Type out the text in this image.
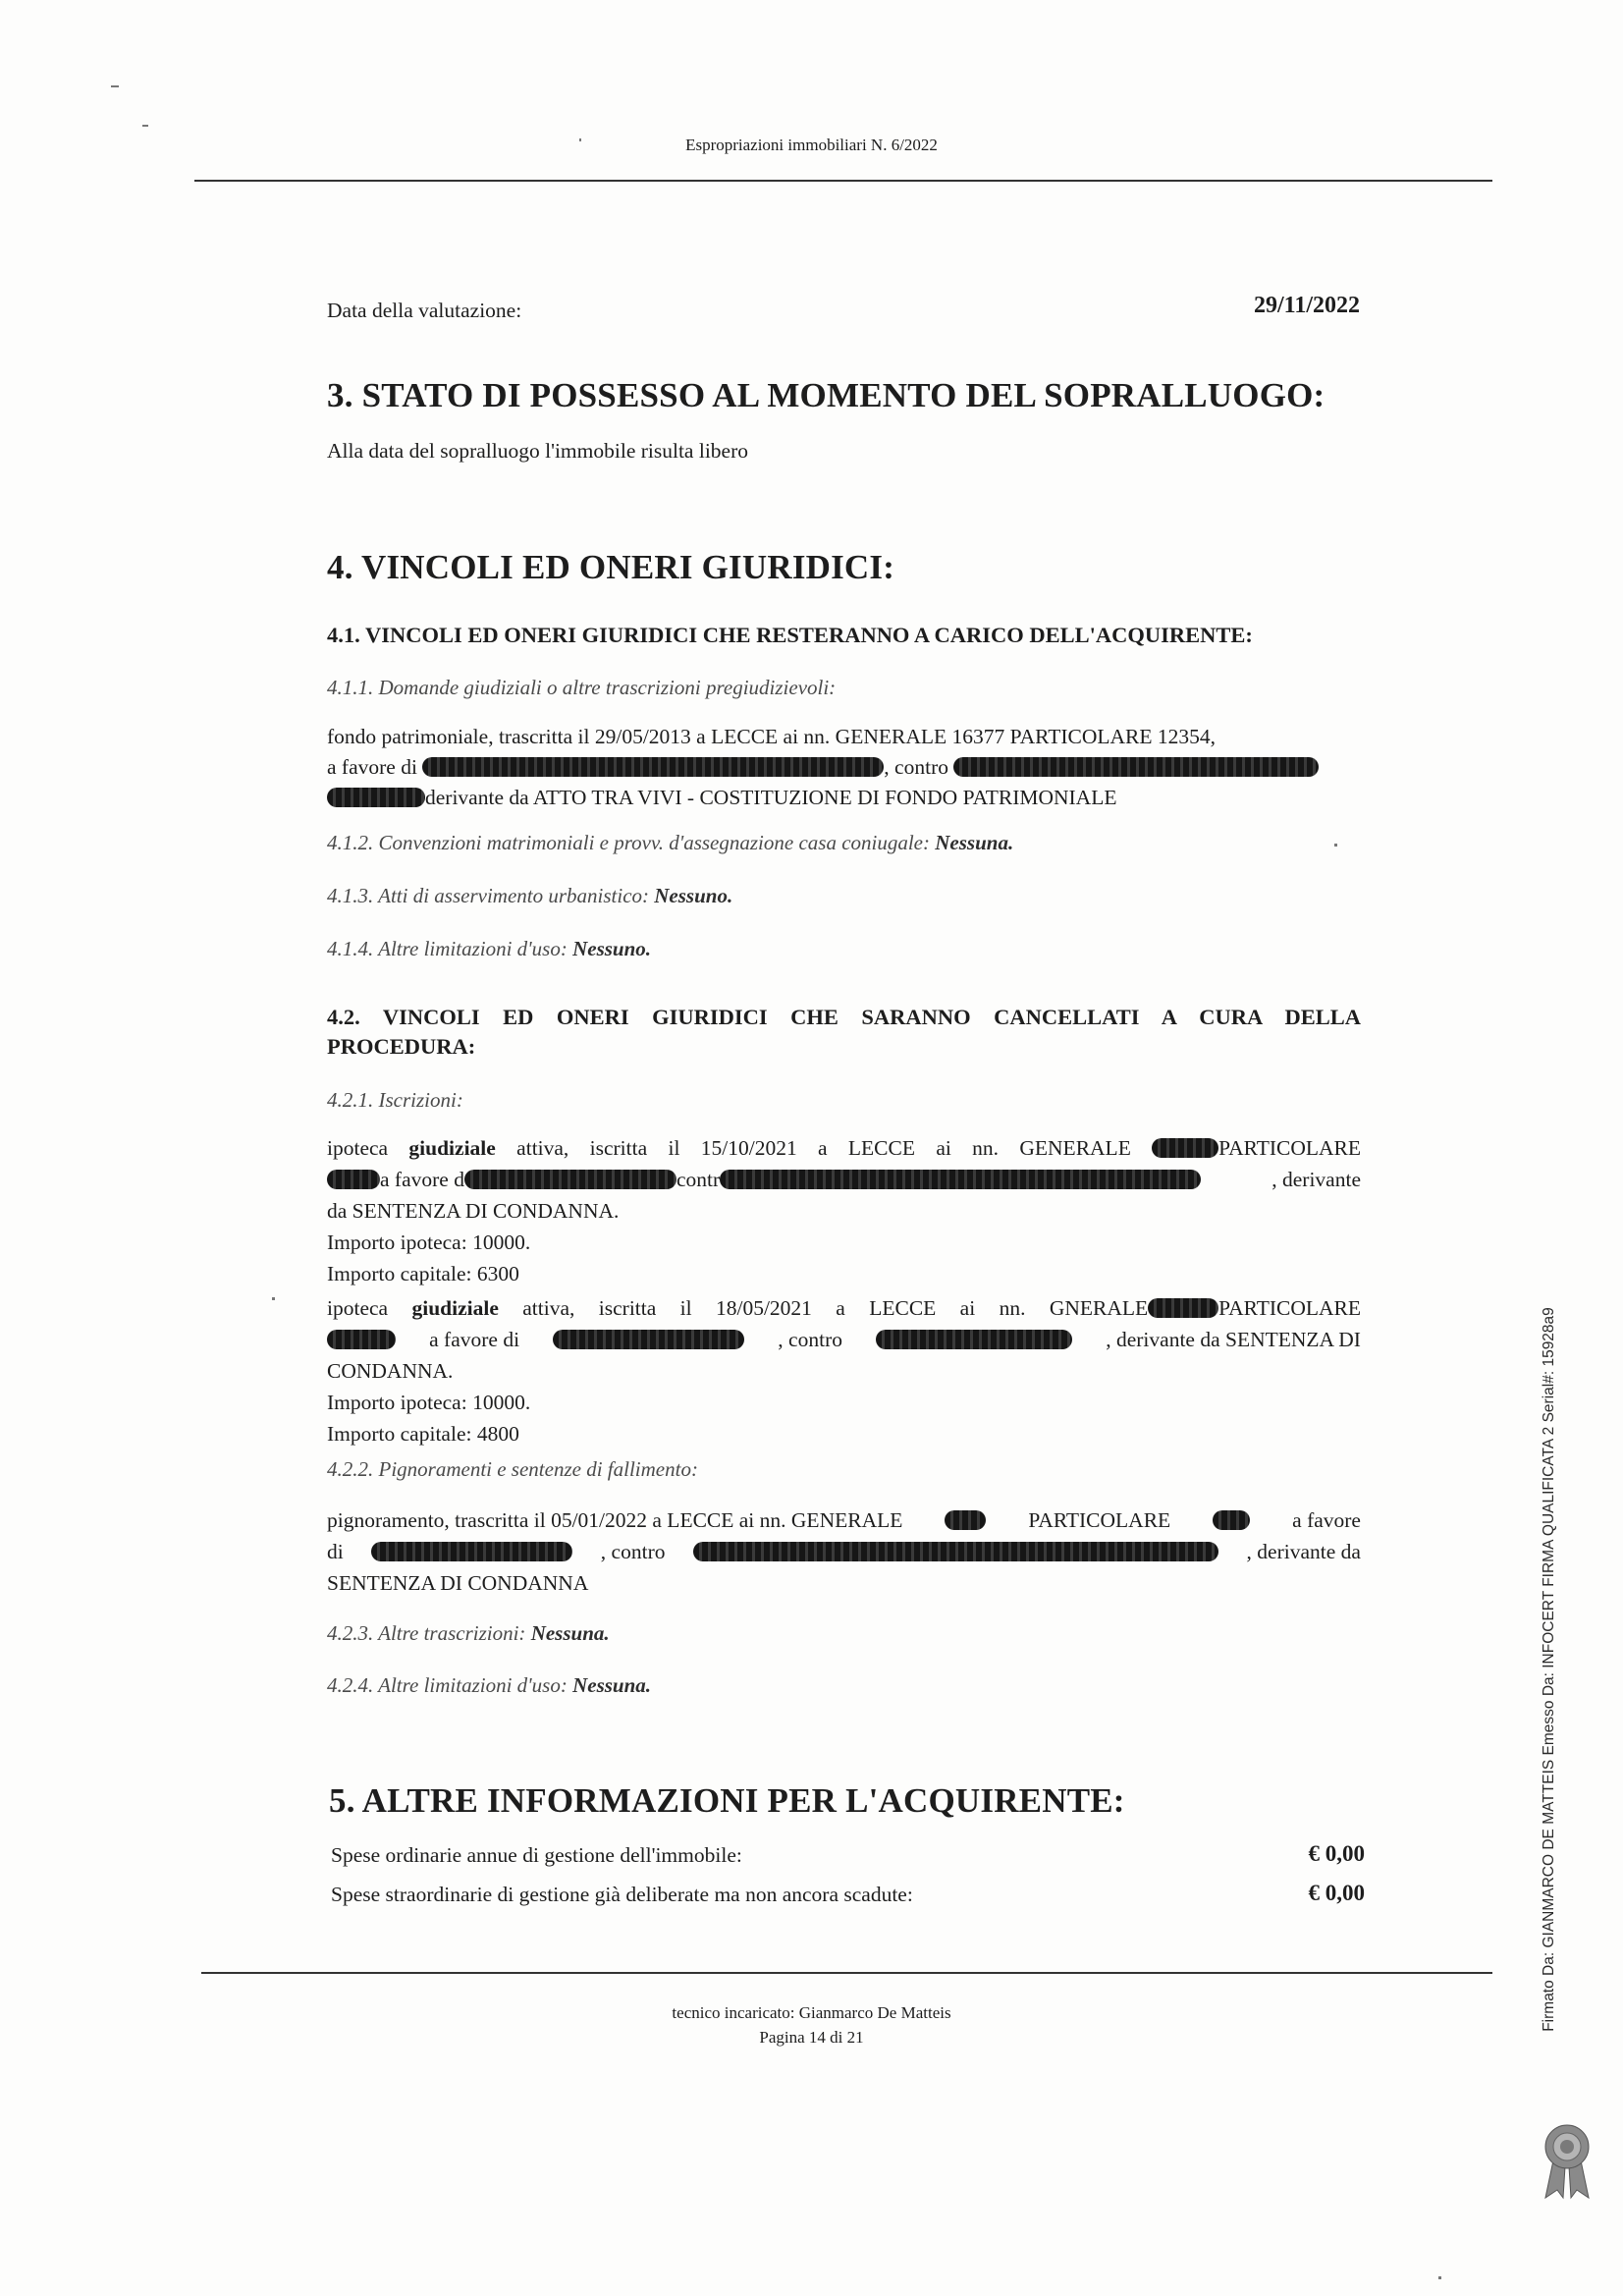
Espropriazioni immobiliari N. 6/2022
Data della valutazione:	29/11/2022
3. STATO DI POSSESSO AL MOMENTO DEL SOPRALLUOGO:
Alla data del sopralluogo l'immobile risulta libero
4. VINCOLI ED ONERI GIURIDICI:
4.1. VINCOLI ED ONERI GIURIDICI CHE RESTERANNO A CARICO DELL'ACQUIRENTE:
4.1.1. Domande giudiziali o altre trascrizioni pregiudizievoli:
fondo patrimoniale, trascritta il 29/05/2013 a LECCE ai nn. GENERALE 16377 PARTICOLARE 12354,
a favore di	, contro
derivante da ATTO TRA VIVI - COSTITUZIONE DI FONDO PATRIMONIALE
4.1.2. Convenzioni matrimoniali e provv. d'assegnazione casa coniugale: Nessuna.
4.1.3. Atti di asservimento urbanistico: Nessuno.
4.1.4. Altre limitazioni d'uso: Nessuno.
4.2. VINCOLI ED ONERI GIURIDICI CHE SARANNO CANCELLATI A CURA DELLA
PROCEDURA:
4.2.1. Iscrizioni:
ipoteca giudiziale attiva, iscritta il 15/10/2021 a LECCE ai nn. GENERALE	PARTICOLARE
a favore d	contr	, derivante
da SENTENZA DI CONDANNA.
Importo ipoteca: 10000.
Importo capitale: 6300
ipoteca giudiziale attiva, iscritta il 18/05/2021 a LECCE ai nn. GNERALE	PARTICOLARE
a favore di	, contro	, derivante da SENTENZA DI
CONDANNA.
Importo ipoteca: 10000.
Importo capitale: 4800
4.2.2. Pignoramenti e sentenze di fallimento:
pignoramento, trascritta il 05/01/2022 a LECCE ai nn. GENERALE	PARTICOLARE	a favore
di	, contro	, derivante da
SENTENZA DI CONDANNA
4.2.3. Altre trascrizioni: Nessuna.
4.2.4. Altre limitazioni d'uso: Nessuna.
5. ALTRE INFORMAZIONI PER L'ACQUIRENTE:
Spese ordinarie annue di gestione dell'immobile:	€ 0,00
Spese straordinarie di gestione già deliberate ma non ancora scadute:	€ 0,00
tecnico incaricato: Gianmarco De Matteis
Pagina 14 di 21
Firmato Da: GIANMARCO DE MATTEIS Emesso Da: INFOCERT FIRMA QUALIFICATA 2 Serial#: 15928a9
